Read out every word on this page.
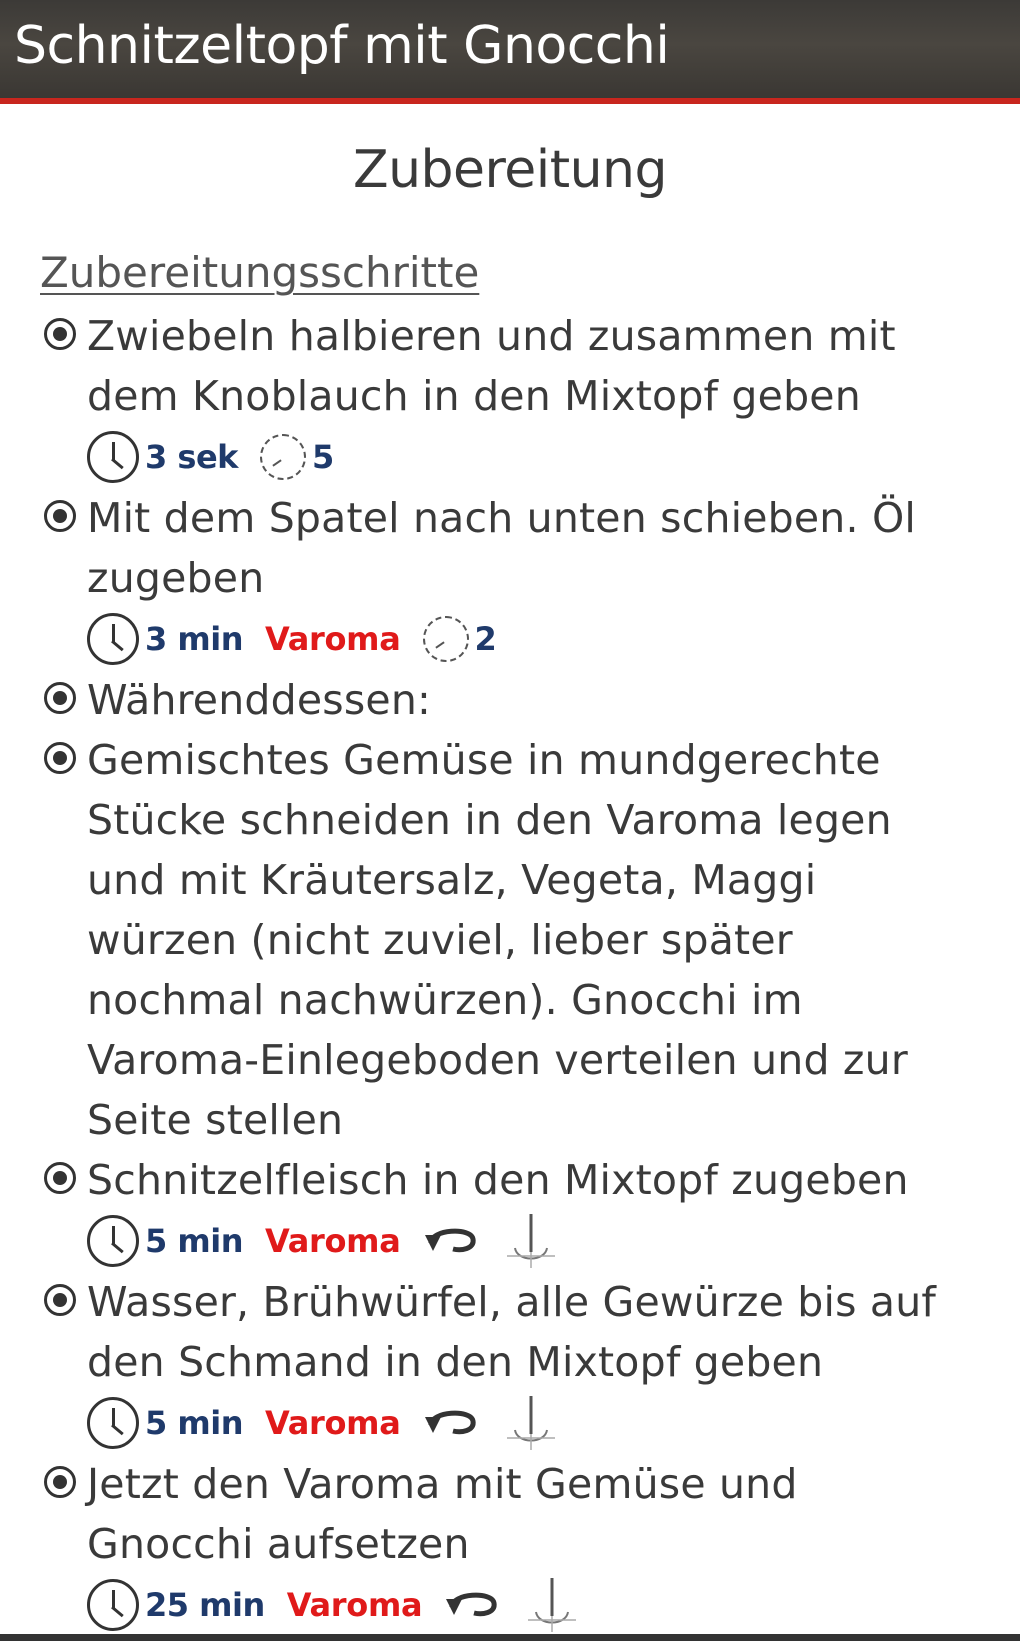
Schnitzeltopf mit Gnocchi
Zubereitung
Zubereitungsschritte
Zwiebeln halbieren und zusammen mit
dem Knoblauch in den Mixtopf geben
3 sek 5
Mit dem Spatel nach unten schieben. Öl
zugeben
3 min Varoma 2
Währenddessen:
Gemischtes Gemüse in mundgerechte
Stücke schneiden in den Varoma legen
und mit Kräutersalz, Vegeta, Maggi
würzen (nicht zuviel, lieber später
nochmal nachwürzen). Gnocchi im
Varoma-Einlegeboden verteilen und zur
Seite stellen
Schnitzelfleisch in den Mixtopf zugeben
5 min Varoma
Wasser, Brühwürfel, alle Gewürze bis auf
den Schmand in den Mixtopf geben
5 min Varoma
Jetzt den Varoma mit Gemüse und
Gnocchi aufsetzen
25 min Varoma
